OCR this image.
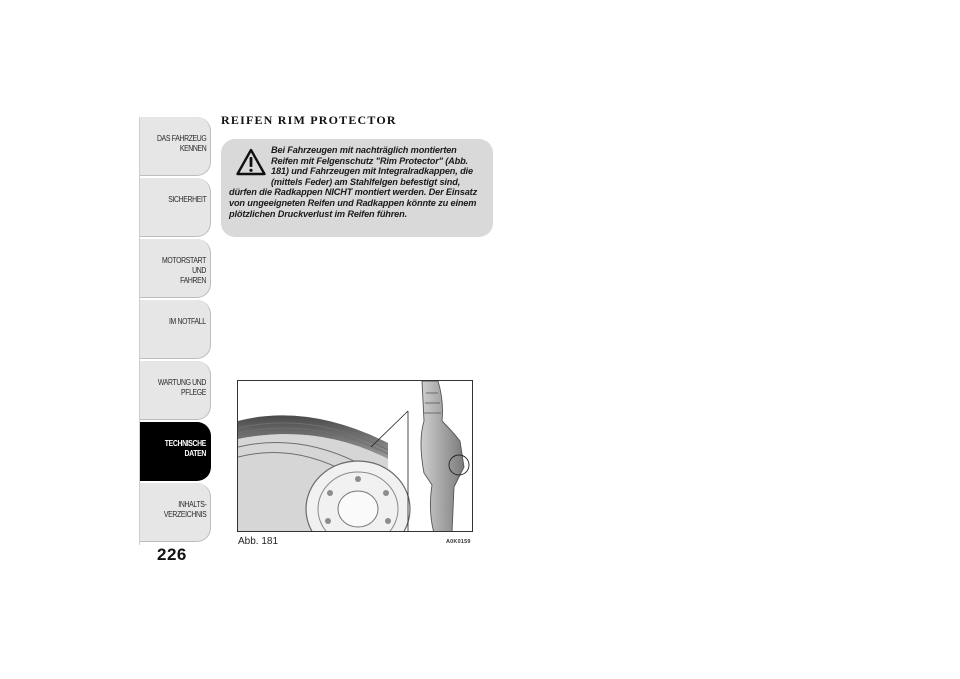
DAS FAHRZEUG
KENNEN
SICHERHEIT
MOTORSTART UND
FAHREN
IM NOTFALL
WARTUNG UND
PFLEGE
TECHNISCHE
DATEN
INHALTS-
VERZEICHNIS
226
REIFEN RIM PROTECTOR
Bei Fahrzeugen mit nachträglich montierten Reifen mit Felgenschutz "Rim Protector" (Abb. 181) und Fahrzeugen mit Integralradkappen, die (mittels Feder) am Stahlfelgen befestigt sind, dürfen die Radkappen NICHT montiert werden. Der Einsatz von ungeeigneten Reifen und Radkappen könnte zu einem plötzlichen Druckverlust im Reifen führen.
Abb. 181	A0K0159
